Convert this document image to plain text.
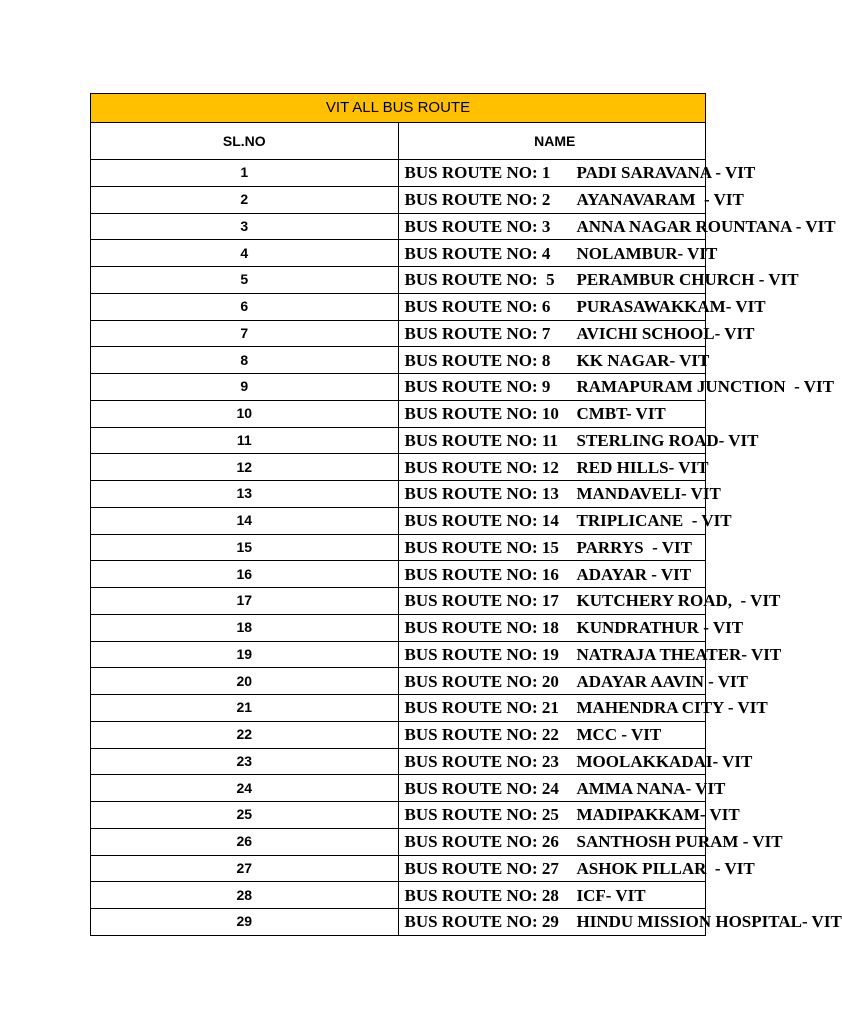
VIT ALL BUS ROUTE	
SL.NO	NAME
1	BUS ROUTE NO: 1 PADI SARAVANA - VIT
2	BUS ROUTE NO: 2 AYANAVARAM  - VIT
3	BUS ROUTE NO: 3 ANNA NAGAR ROUNTANA - VIT
4	BUS ROUTE NO: 4 NOLAMBUR- VIT
5	BUS ROUTE NO:  5 PERAMBUR CHURCH - VIT
6	BUS ROUTE NO: 6 PURASAWAKKAM- VIT
7	BUS ROUTE NO: 7 AVICHI SCHOOL- VIT
8	BUS ROUTE NO: 8 KK NAGAR- VIT
9	BUS ROUTE NO: 9 RAMAPURAM JUNCTION  - VIT
10	BUS ROUTE NO: 10 CMBT- VIT
11	BUS ROUTE NO: 11 STERLING ROAD- VIT
12	BUS ROUTE NO: 12 RED HILLS- VIT
13	BUS ROUTE NO: 13 MANDAVELI- VIT
14	BUS ROUTE NO: 14 TRIPLICANE  - VIT
15	BUS ROUTE NO: 15 PARRYS  - VIT
16	BUS ROUTE NO: 16 ADAYAR - VIT
17	BUS ROUTE NO: 17 KUTCHERY ROAD,  - VIT
18	BUS ROUTE NO: 18 KUNDRATHUR - VIT
19	BUS ROUTE NO: 19 NATRAJA THEATER- VIT
20	BUS ROUTE NO: 20 ADAYAR AAVIN - VIT
21	BUS ROUTE NO: 21 MAHENDRA CITY - VIT
22	BUS ROUTE NO: 22 MCC - VIT
23	BUS ROUTE NO: 23 MOOLAKKADAI- VIT
24	BUS ROUTE NO: 24 AMMA NANA- VIT
25	BUS ROUTE NO: 25 MADIPAKKAM- VIT
26	BUS ROUTE NO: 26 SANTHOSH PURAM - VIT
27	BUS ROUTE NO: 27 ASHOK PILLAR  - VIT
28	BUS ROUTE NO: 28 ICF- VIT
29	BUS ROUTE NO: 29 HINDU MISSION HOSPITAL- VIT
